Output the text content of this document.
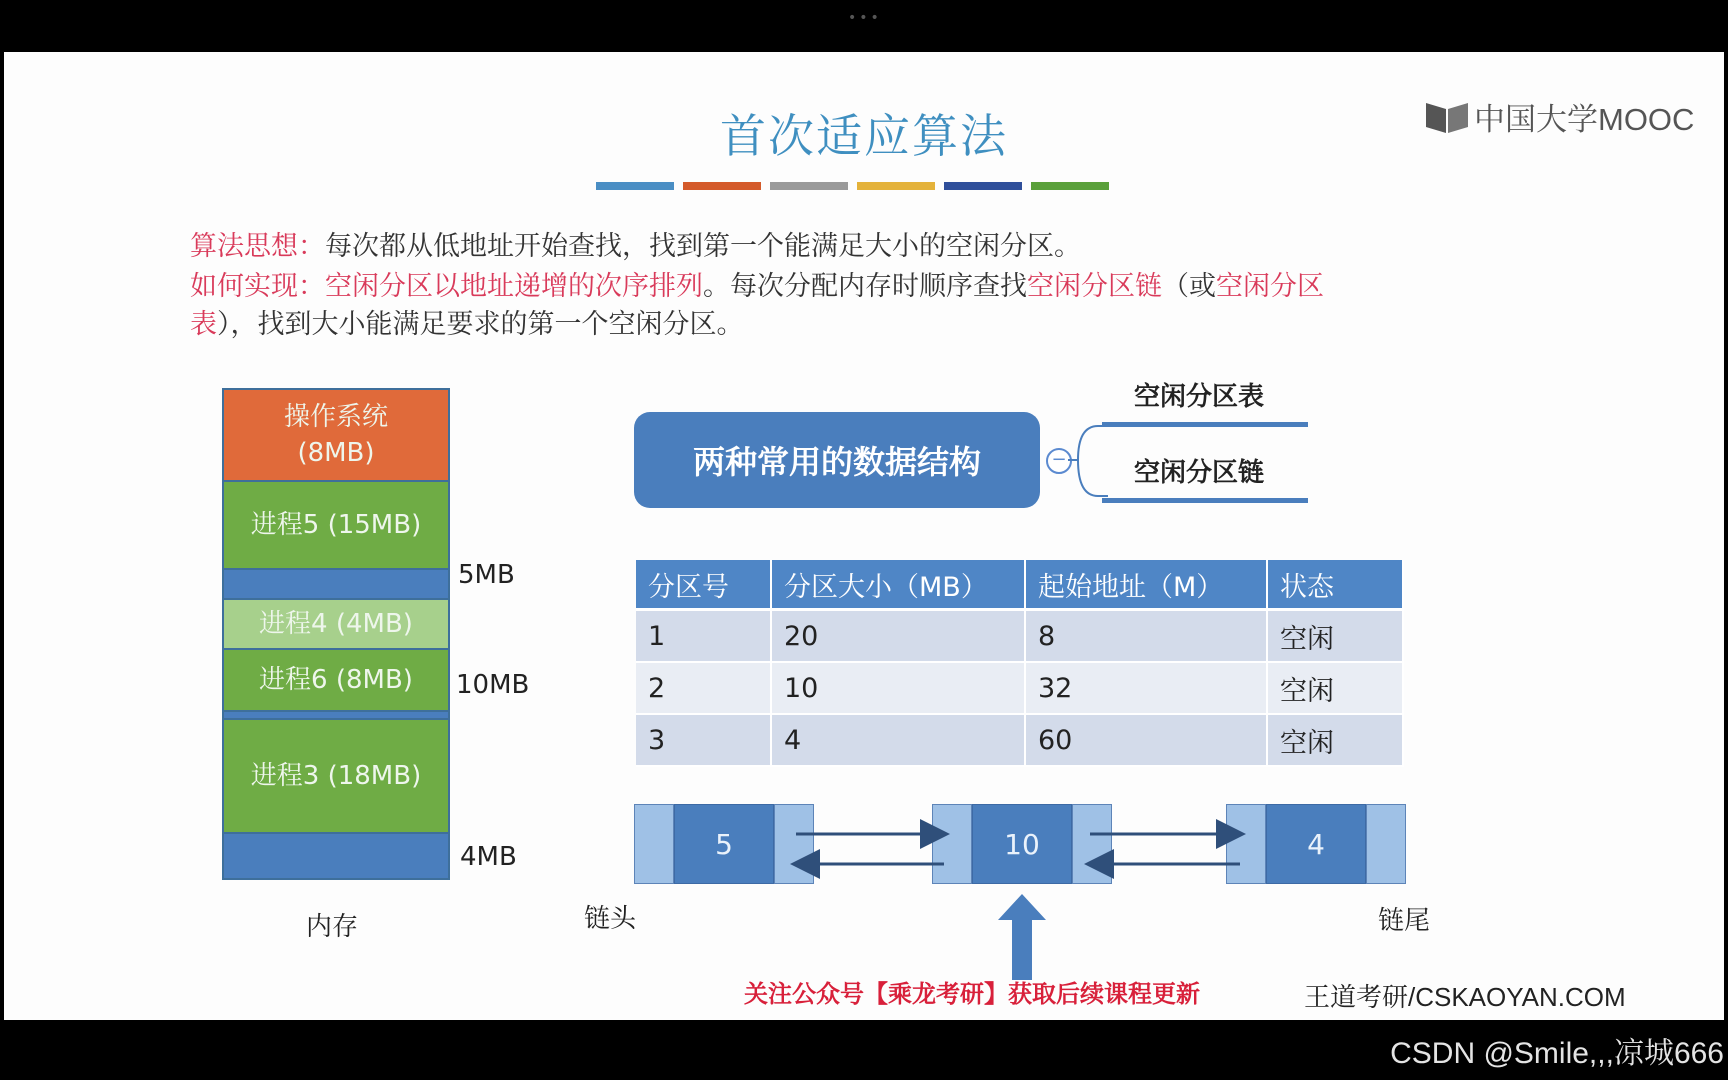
•••
首次适应算法	中国大学MOOC
算法思想：每次都从低地址开始查找，找到第一个能满足大小的空闲分区。
如何实现：空闲分区以地址递增的次序排列。每次分配内存时顺序查找空闲分区链（或空闲分区
表），找到大小能满足要求的第一个空闲分区。
操作系统
(8MB)
进程5 (15MB)
进程4 (4MB)
进程6 (8MB)
进程3 (18MB)
5MB
10MB
4MB
内存
两种常用的数据结构	−
空闲分区表
空闲分区链
分区号	分区大小（MB）	起始地址（M）	状态
1	20	8	空闲
2	10	32	空闲
3	4	60	空闲
5	10	4
链头	链尾
关注公众号【乘龙考研】获取后续课程更新	王道考研/CSKAOYAN.COM
CSDN @Smile,,,凉城666
